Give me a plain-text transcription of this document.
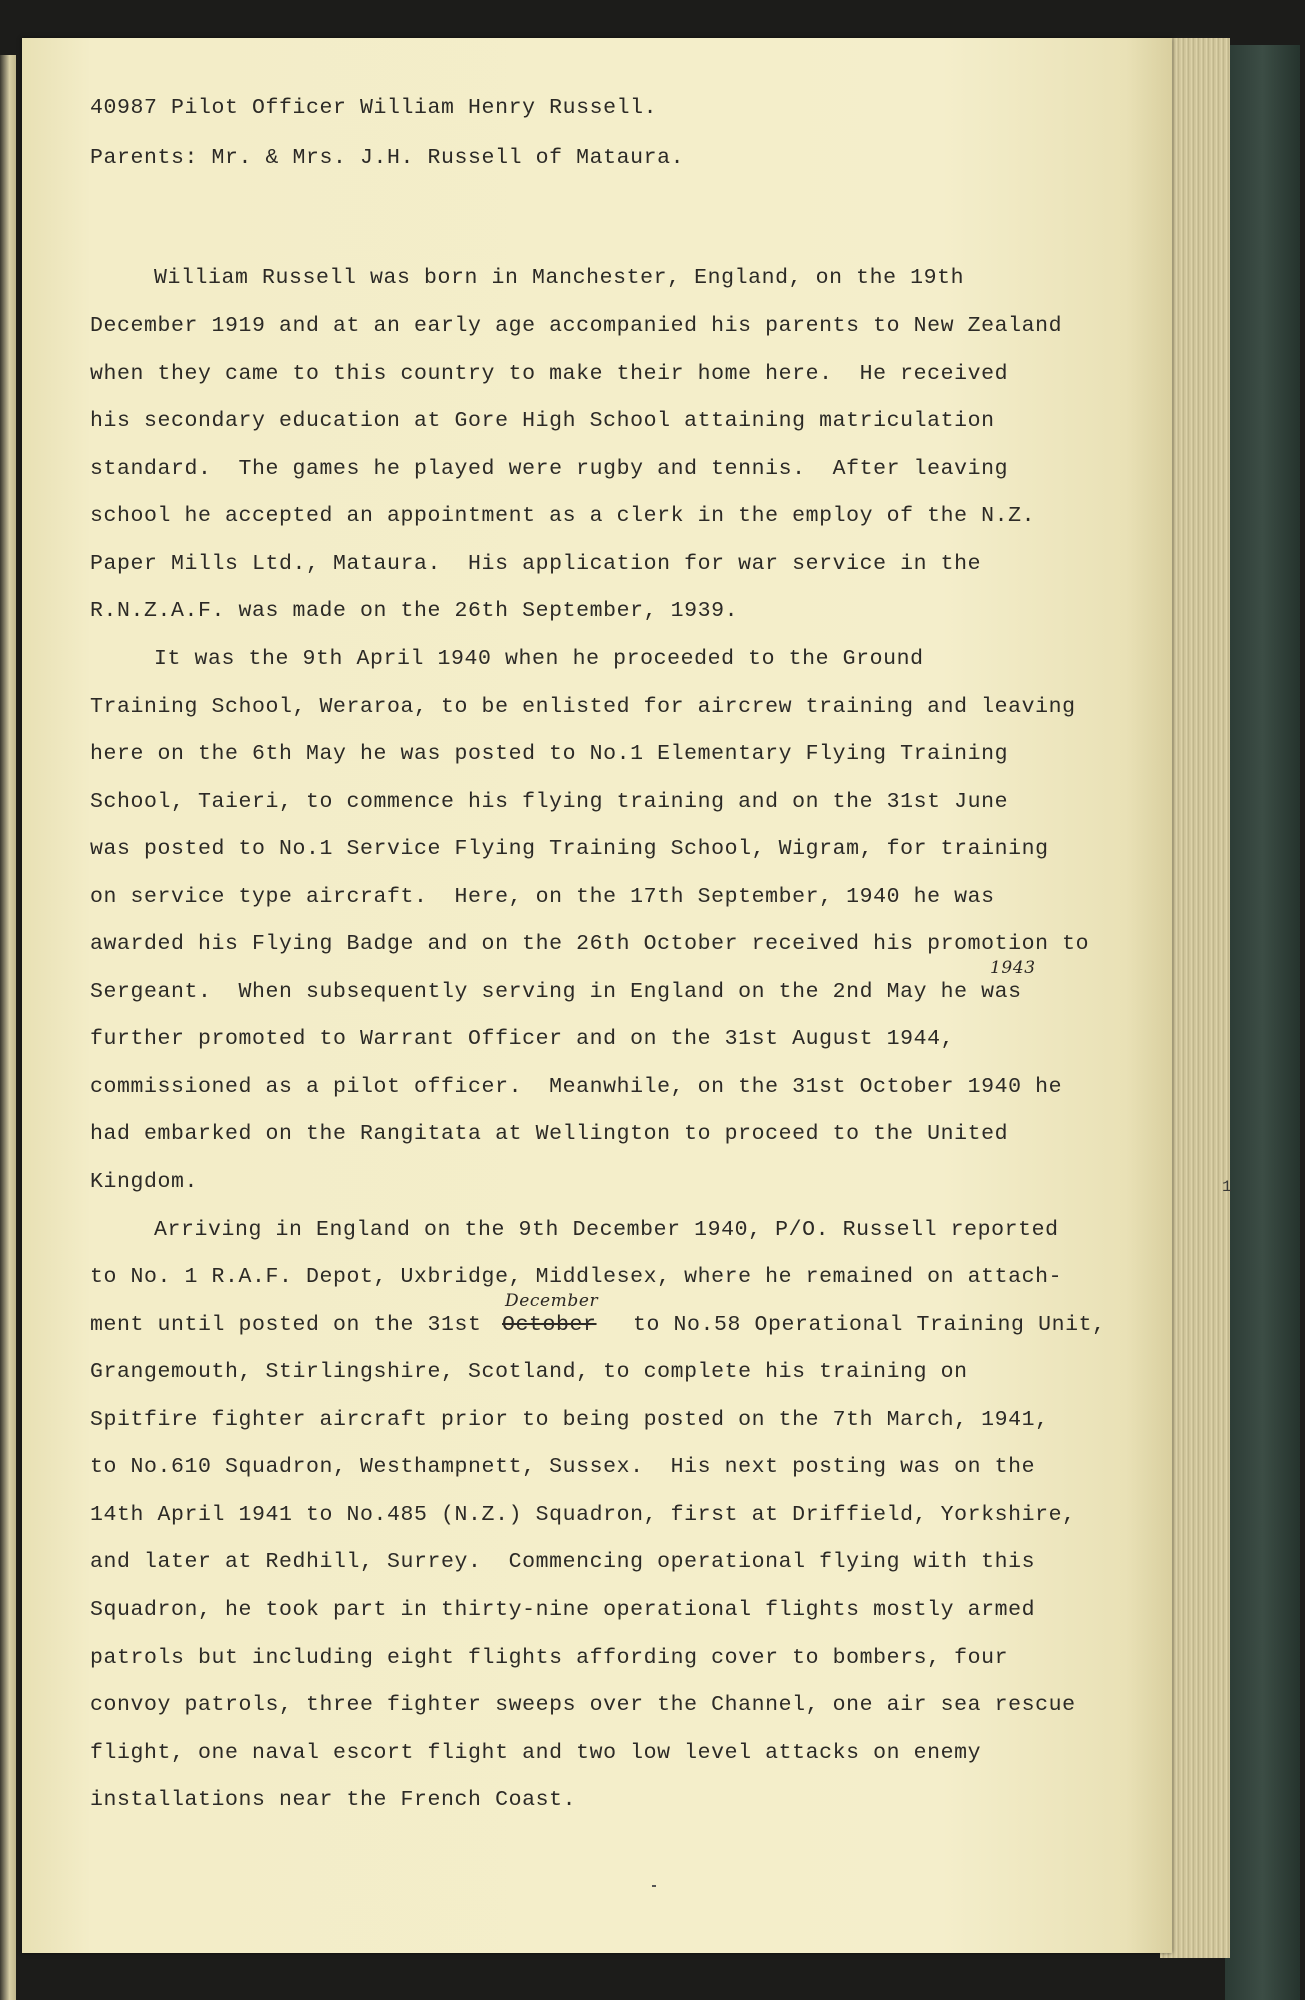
40987 Pilot Officer William Henry Russell.
Parents: Mr. & Mrs. J.H. Russell of Mataura.
William Russell was born in Manchester, England, on the 19th
December 1919 and at an early age accompanied his parents to New Zealand
when they came to this country to make their home here.  He received
his secondary education at Gore High School attaining matriculation
standard.  The games he played were rugby and tennis.  After leaving
school he accepted an appointment as a clerk in the employ of the N.Z.
Paper Mills Ltd., Mataura.  His application for war service in the
R.N.Z.A.F. was made on the 26th September, 1939.
It was the 9th April 1940 when he proceeded to the Ground
Training School, Weraroa, to be enlisted for aircrew training and leaving
here on the 6th May he was posted to No.1 Elementary Flying Training
School, Taieri, to commence his flying training and on the 31st June
was posted to No.1 Service Flying Training School, Wigram, for training
on service type aircraft.  Here, on the 17th September, 1940 he was
awarded his Flying Badge and on the 26th October received his promotion to
Sergeant.  When subsequently serving in England on the 2nd May he was
1943
further promoted to Warrant Officer and on the 31st August 1944,
commissioned as a pilot officer.  Meanwhile, on the 31st October 1940 he
had embarked on the Rangitata at Wellington to proceed to the United
Kingdom.
Arriving in England on the 9th December 1940, P/O. Russell reported
to No. 1 R.A.F. Depot, Uxbridge, Middlesex, where he remained on attach-
ment until posted on the 31st
December
October to No.58 Operational Training Unit,
Grangemouth, Stirlingshire, Scotland, to complete his training on
Spitfire fighter aircraft prior to being posted on the 7th March, 1941,
to No.610 Squadron, Westhampnett, Sussex.  His next posting was on the
14th April 1941 to No.485 (N.Z.) Squadron, first at Driffield, Yorkshire,
and later at Redhill, Surrey.  Commencing operational flying with this
Squadron, he took part in thirty-nine operational flights mostly armed
patrols but including eight flights affording cover to bombers, four
convoy patrols, three fighter sweeps over the Channel, one air sea rescue
flight, one naval escort flight and two low level attacks on enemy
installations near the French Coast.
1
